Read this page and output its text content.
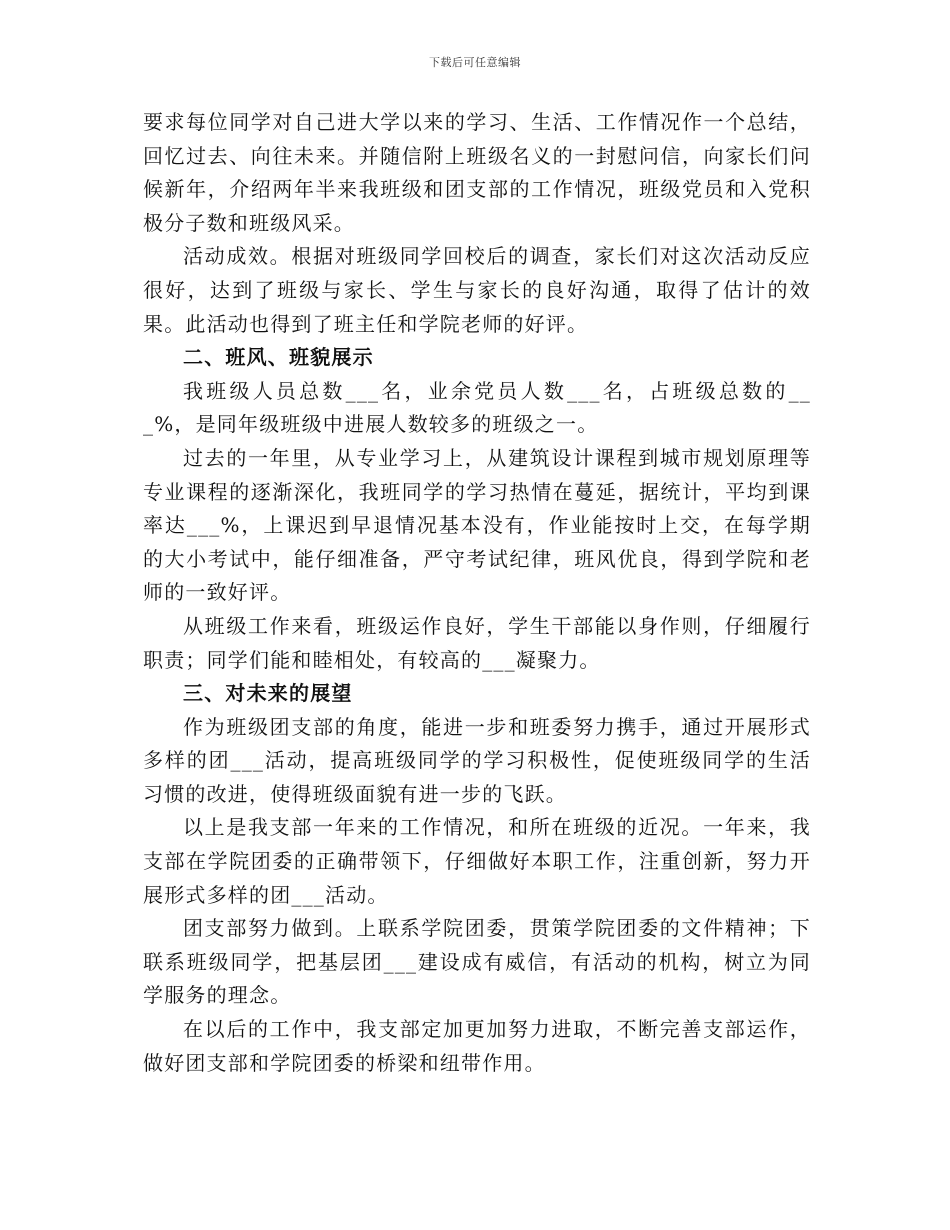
下载后可任意编辑

要求每位同学对自己进大学以来的学习、生活、工作情况作一个总结，回忆过去、向往未来。并随信附上班级名义的一封慰问信，向家长们问候新年，介绍两年半来我班级和团支部的工作情况，班级党员和入党积极分子数和班级风采。

活动成效。根据对班级同学回校后的调查，家长们对这次活动反应很好，达到了班级与家长、学生与家长的良好沟通，取得了估计的效果。此活动也得到了班主任和学院老师的好评。

二、班风、班貌展示

我班级人员总数___名，业余党员人数___名，占班级总数的___%，是同年级班级中进展人数较多的班级之一。

过去的一年里，从专业学习上，从建筑设计课程到城市规划原理等专业课程的逐渐深化，我班同学的学习热情在蔓延，据统计，平均到课率达___%，上课迟到早退情况基本没有，作业能按时上交，在每学期的大小考试中，能仔细准备，严守考试纪律，班风优良，得到学院和老师的一致好评。

从班级工作来看，班级运作良好，学生干部能以身作则，仔细履行职责；同学们能和睦相处，有较高的___凝聚力。

三、对未来的展望

作为班级团支部的角度，能进一步和班委努力携手，通过开展形式多样的团___活动，提高班级同学的学习积极性，促使班级同学的生活习惯的改进，使得班级面貌有进一步的飞跃。

以上是我支部一年来的工作情况，和所在班级的近况。一年来，我支部在学院团委的正确带领下，仔细做好本职工作，注重创新，努力开展形式多样的团___活动。

团支部努力做到。上联系学院团委，贯策学院团委的文件精神；下联系班级同学，把基层团___建设成有威信，有活动的机构，树立为同学服务的理念。

在以后的工作中，我支部定加更加努力进取，不断完善支部运作，做好团支部和学院团委的桥梁和纽带作用。
